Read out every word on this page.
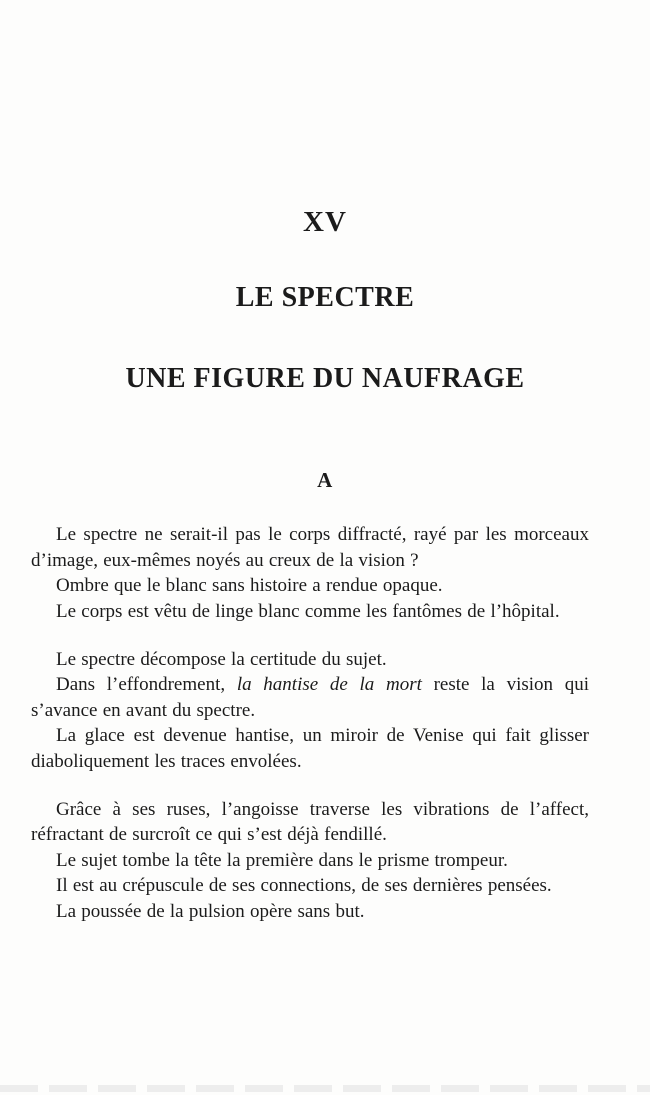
XV
LE SPECTRE
UNE FIGURE DU NAUFRAGE
A

Le spectre ne serait-il pas le corps diffracté, rayé par les morceaux d’image, eux-mêmes noyés au creux de la vision ?

Ombre que le blanc sans histoire a rendue opaque.

Le corps est vêtu de linge blanc comme les fantômes de l’hôpital.

Le spectre décompose la certitude du sujet.

Dans l’effondrement, la hantise de la mort reste la vision qui s’avance en avant du spectre.

La glace est devenue hantise, un miroir de Venise qui fait glisser diaboliquement les traces envolées.

Grâce à ses ruses, l’angoisse traverse les vibrations de l’affect, réfractant de surcroît ce qui s’est déjà fendillé.

Le sujet tombe la tête la première dans le prisme trompeur.

Il est au crépuscule de ses connections, de ses dernières pensées.

La poussée de la pulsion opère sans but.
